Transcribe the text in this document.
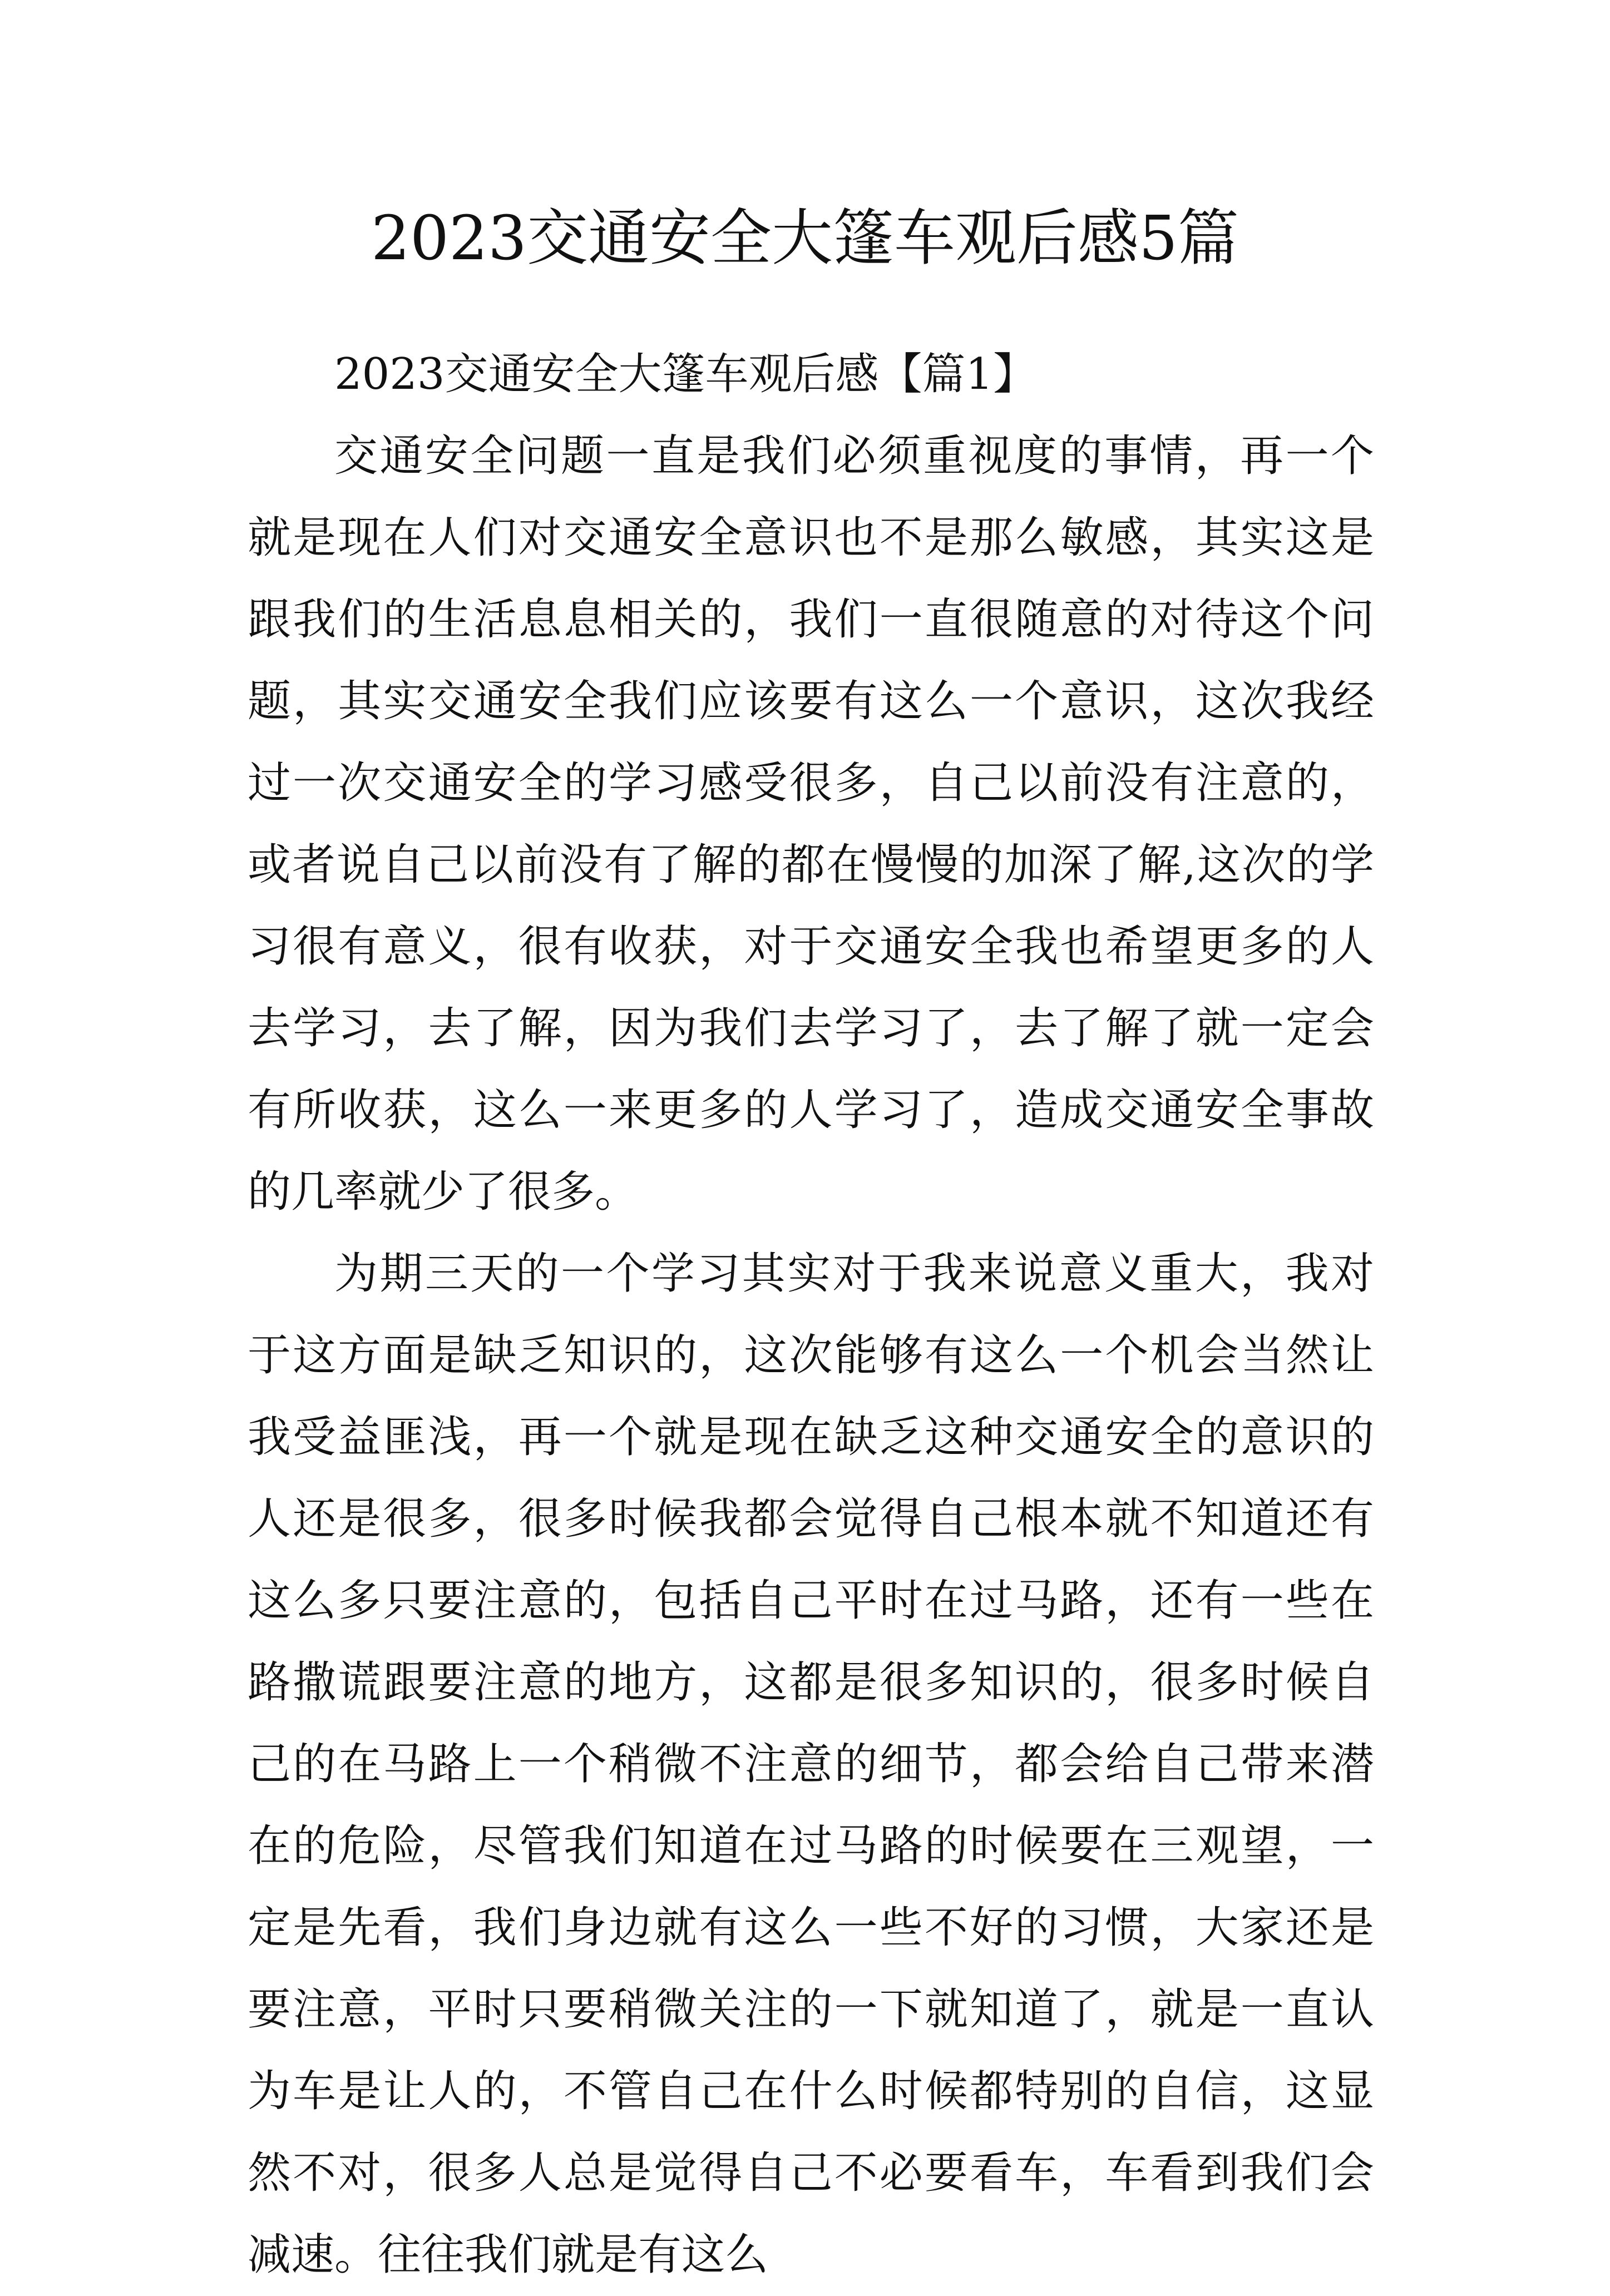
2023交通安全大篷车观后感5篇

2023交通安全大篷车观后感【篇1】

交通安全问题一直是我们必须重视度的事情，再一个就是现在人们对交通安全意识也不是那么敏感，其实这是跟我们的生活息息相关的，我们一直很随意的对待这个问题，其实交通安全我们应该要有这么一个意识，这次我经过一次交通安全的学习感受很多，自己以前没有注意的，或者说自己以前没有了解的都在慢慢的加深了解,这次的学习很有意义，很有收获，对于交通安全我也希望更多的人去学习，去了解，因为我们去学习了，去了解了就一定会有所收获，这么一来更多的人学习了，造成交通安全事故的几率就少了很多。

为期三天的一个学习其实对于我来说意义重大，我对于这方面是缺乏知识的，这次能够有这么一个机会当然让我受益匪浅，再一个就是现在缺乏这种交通安全的意识的人还是很多，很多时候我都会觉得自己根本就不知道还有这么多只要注意的，包括自己平时在过马路，还有一些在路撒谎跟要注意的地方，这都是很多知识的，很多时候自己的在马路上一个稍微不注意的细节，都会给自己带来潜在的危险，尽管我们知道在过马路的时候要在三观望，一定是先看，我们身边就有这么一些不好的习惯，大家还是要注意，平时只要稍微关注的一下就知道了，就是一直认为车是让人的，不管自己在什么时候都特别的自信，这显然不对，很多人总是觉得自己不必要看车，车看到我们会减速。往往我们就是有这么
